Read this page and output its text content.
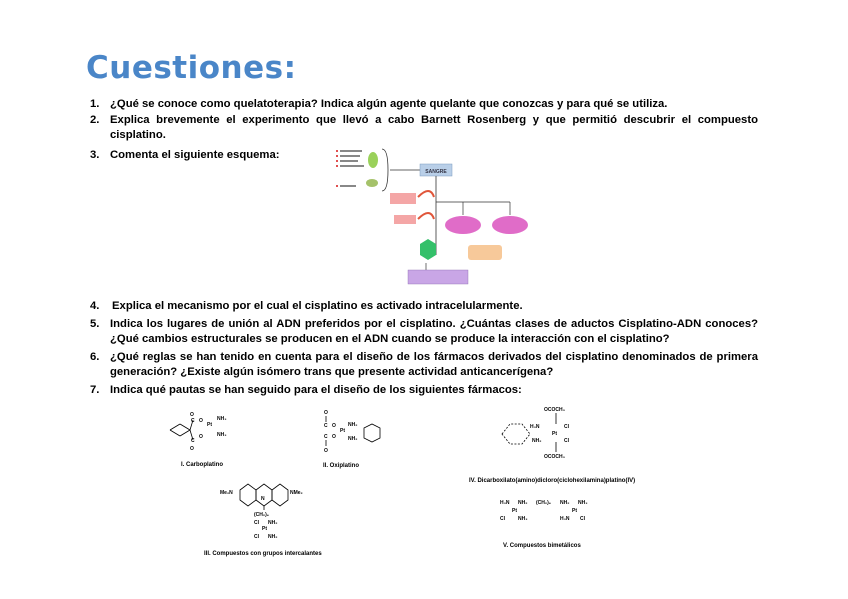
Cuestiones:
1. ¿Qué se conoce como quelatoterapia? Indica algún agente quelante que conozcas y para qué se utiliza.
2. Explica brevemente el experimento que llevó a cabo Barnett Rosenberg y que permitió descubrir el compuesto cisplatino.
3. Comenta el siguiente esquema:
SANGRE
4. Explica el mecanismo por el cual el cisplatino es activado intracelularmente.
5. Indica los lugares de unión al ADN preferidos por el cisplatino. ¿Cuántas clases de aductos Cisplatino-ADN conoces? ¿Qué cambios estructurales se producen en el ADN cuando se produce la interacción con el cisplatino?
6. ¿Qué reglas se han tenido en cuenta para el diseño de los fármacos derivados del cisplatino denominados de primera generación? ¿Existe algún isómero trans que presente actividad anticancerígena?
7. Indica qué pautas se han seguido para el diseño de los siguientes fármacos:
O
C O
Pt
NH₃
NH₃
C
O
O
I. Carboplatino
O
C O
Pt
C O
O
NH₂
NH₂
II. Oxiplatino
OCOCH₃
H₃N	Cl
Pt
NH₂	Cl
OCOCH₃
IV. Dicarboxilato(amino)dicloro(ciclohexilamina)platino(IV)
Me₂N
N
NMe₂
(CH₂)₆
Cl NH₂
Pt
Cl NH₂
III. Compuestos con grupos intercalantes
H₃N NH₂ (CH₂)₆ NH₂ NH₃
Pt	Pt
Cl	NH₃	H₃N Cl
V. Compuestos bimetálicos
